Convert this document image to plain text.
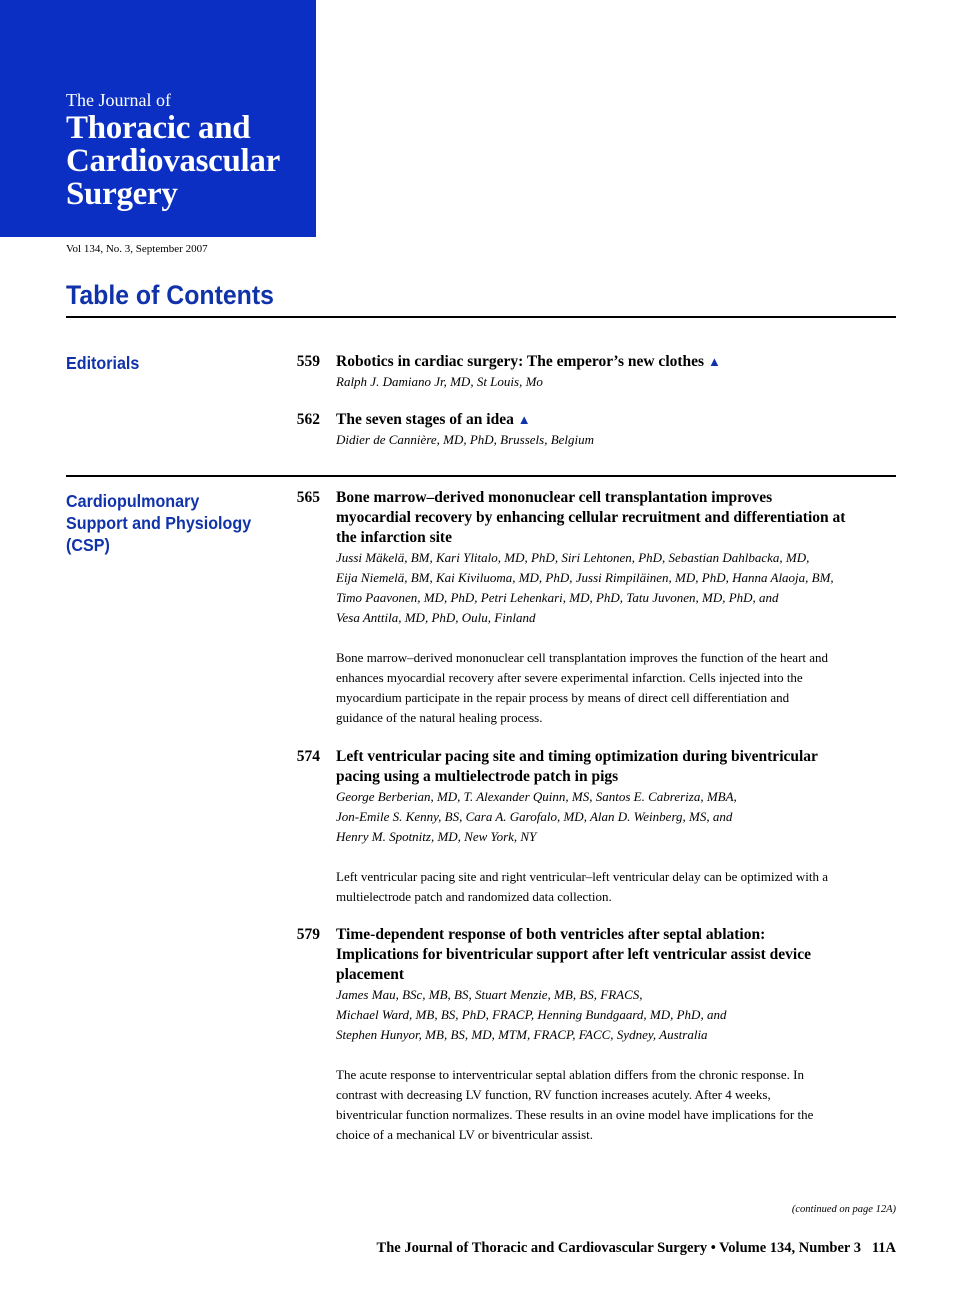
The Journal of
Thoracic and
Cardiovascular
Surgery
Vol 134, No. 3, September 2007
Table of Contents
Editorials	559 Robotics in cardiac surgery: The emperor’s new clothes ▲
Ralph J. Damiano Jr, MD, St Louis, Mo
562 The seven stages of an idea ▲
Didier de Cannière, MD, PhD, Brussels, Belgium
Cardiopulmonary
Support and Physiology
(CSP)
565 Bone marrow–derived mononuclear cell transplantation improves
myocardial recovery by enhancing cellular recruitment and differentiation at
the infarction site
Jussi Mäkelä, BM, Kari Ylitalo, MD, PhD, Siri Lehtonen, PhD, Sebastian Dahlbacka, MD,
Eija Niemelä, BM, Kai Kiviluoma, MD, PhD, Jussi Rimpiläinen, MD, PhD, Hanna Alaoja, BM,
Timo Paavonen, MD, PhD, Petri Lehenkari, MD, PhD, Tatu Juvonen, MD, PhD, and
Vesa Anttila, MD, PhD, Oulu, Finland
Bone marrow–derived mononuclear cell transplantation improves the function of the heart and
enhances myocardial recovery after severe experimental infarction. Cells injected into the
myocardium participate in the repair process by means of direct cell differentiation and
guidance of the natural healing process.
574 Left ventricular pacing site and timing optimization during biventricular
pacing using a multielectrode patch in pigs
George Berberian, MD, T. Alexander Quinn, MS, Santos E. Cabreriza, MBA,
Jon-Emile S. Kenny, BS, Cara A. Garofalo, MD, Alan D. Weinberg, MS, and
Henry M. Spotnitz, MD, New York, NY
Left ventricular pacing site and right ventricular–left ventricular delay can be optimized with a
multielectrode patch and randomized data collection.
579 Time-dependent response of both ventricles after septal ablation:
Implications for biventricular support after left ventricular assist device
placement
James Mau, BSc, MB, BS, Stuart Menzie, MB, BS, FRACS,
Michael Ward, MB, BS, PhD, FRACP, Henning Bundgaard, MD, PhD, and
Stephen Hunyor, MB, BS, MD, MTM, FRACP, FACC, Sydney, Australia
The acute response to interventricular septal ablation differs from the chronic response. In
contrast with decreasing LV function, RV function increases acutely. After 4 weeks,
biventricular function normalizes. These results in an ovine model have implications for the
choice of a mechanical LV or biventricular assist.
(continued on page 12A)
The Journal of Thoracic and Cardiovascular Surgery • Volume 134, Number 3   11A
